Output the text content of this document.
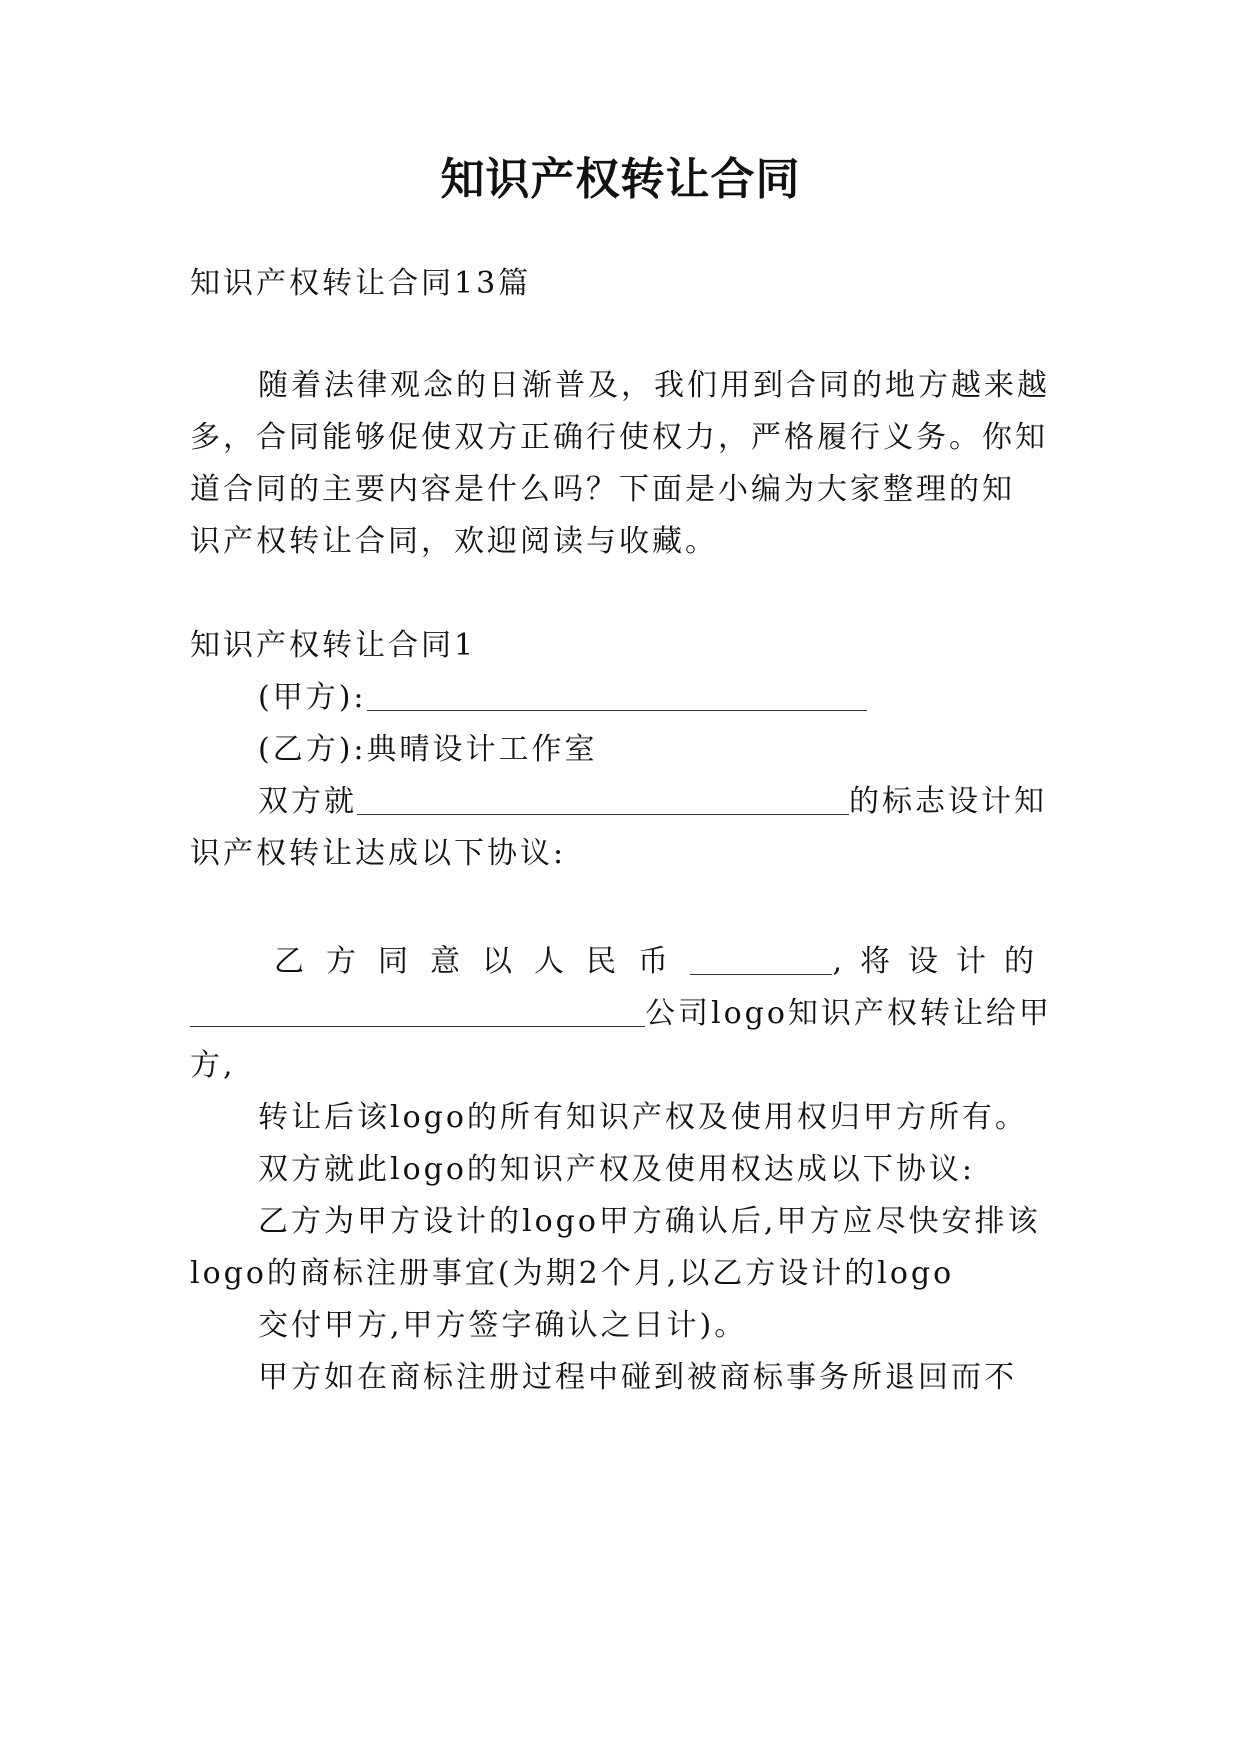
知识产权转让合同
知识产权转让合同13篇
随着法律观念的日渐普及，我们用到合同的地方越来越
多，合同能够促使双方正确行使权力，严格履行义务。你知
道合同的主要内容是什么吗？下面是小编为大家整理的知
识产权转让合同，欢迎阅读与收藏。
知识产权转让合同1
(甲方):
(乙方):典晴设计工作室
双方就	的标志设计知
识产权转让达成以下协议:
乙方同意以人民币	,将设计的
公司logo知识产权转让给甲
方,
转让后该logo的所有知识产权及使用权归甲方所有。
双方就此logo的知识产权及使用权达成以下协议:
乙方为甲方设计的logo甲方确认后,甲方应尽快安排该
logo的商标注册事宜(为期2个月,以乙方设计的logo
交付甲方,甲方签字确认之日计)。
甲方如在商标注册过程中碰到被商标事务所退回而不
